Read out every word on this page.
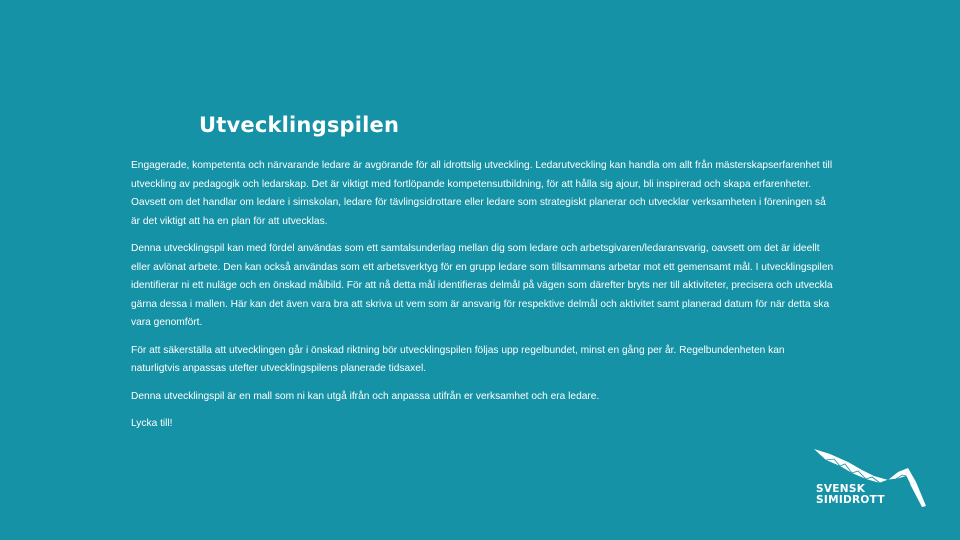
Utvecklingspilen

Engagerade, kompetenta och närvarande ledare är avgörande för all idrottslig utveckling. Ledarutveckling kan handla om allt från mästerskapserfarenhet till utveckling av pedagogik och ledarskap. Det är viktigt med fortlöpande kompetensutbildning, för att hålla sig ajour, bli inspirerad och skapa erfarenheter.

Oavsett om det handlar om ledare i simskolan, ledare för tävlingsidrottare eller ledare som strategiskt planerar och utvecklar verksamheten i föreningen så är det viktigt att ha en plan för att utvecklas.

Denna utvecklingspil kan med fördel användas som ett samtalsunderlag mellan dig som ledare och arbetsgivaren/ledaransvarig, oavsett om det är ideellt eller avlönat arbete. Den kan också användas som ett arbetsverktyg för en grupp ledare som tillsammans arbetar mot ett gemensamt mål. I utvecklingspilen identifierar ni ett nuläge och en önskad målbild. För att nå detta mål identifieras delmål på vägen som därefter bryts ner till aktiviteter, precisera och utveckla gärna dessa i mallen. Här kan det även vara bra att skriva ut vem som är ansvarig för respektive delmål och aktivitet samt planerad datum för när detta ska vara genomfört.

För att säkerställa att utvecklingen går i önskad riktning bör utvecklingspilen följas upp regelbundet, minst en gång per år. Regelbundenheten kan naturligtvis anpassas utefter utvecklingspilens planerade tidsaxel.

Denna utvecklingspil är en mall som ni kan utgå ifrån och anpassa utifrån er verksamhet och era ledare.

Lycka till!

SVENSK
SIMIDROTT
